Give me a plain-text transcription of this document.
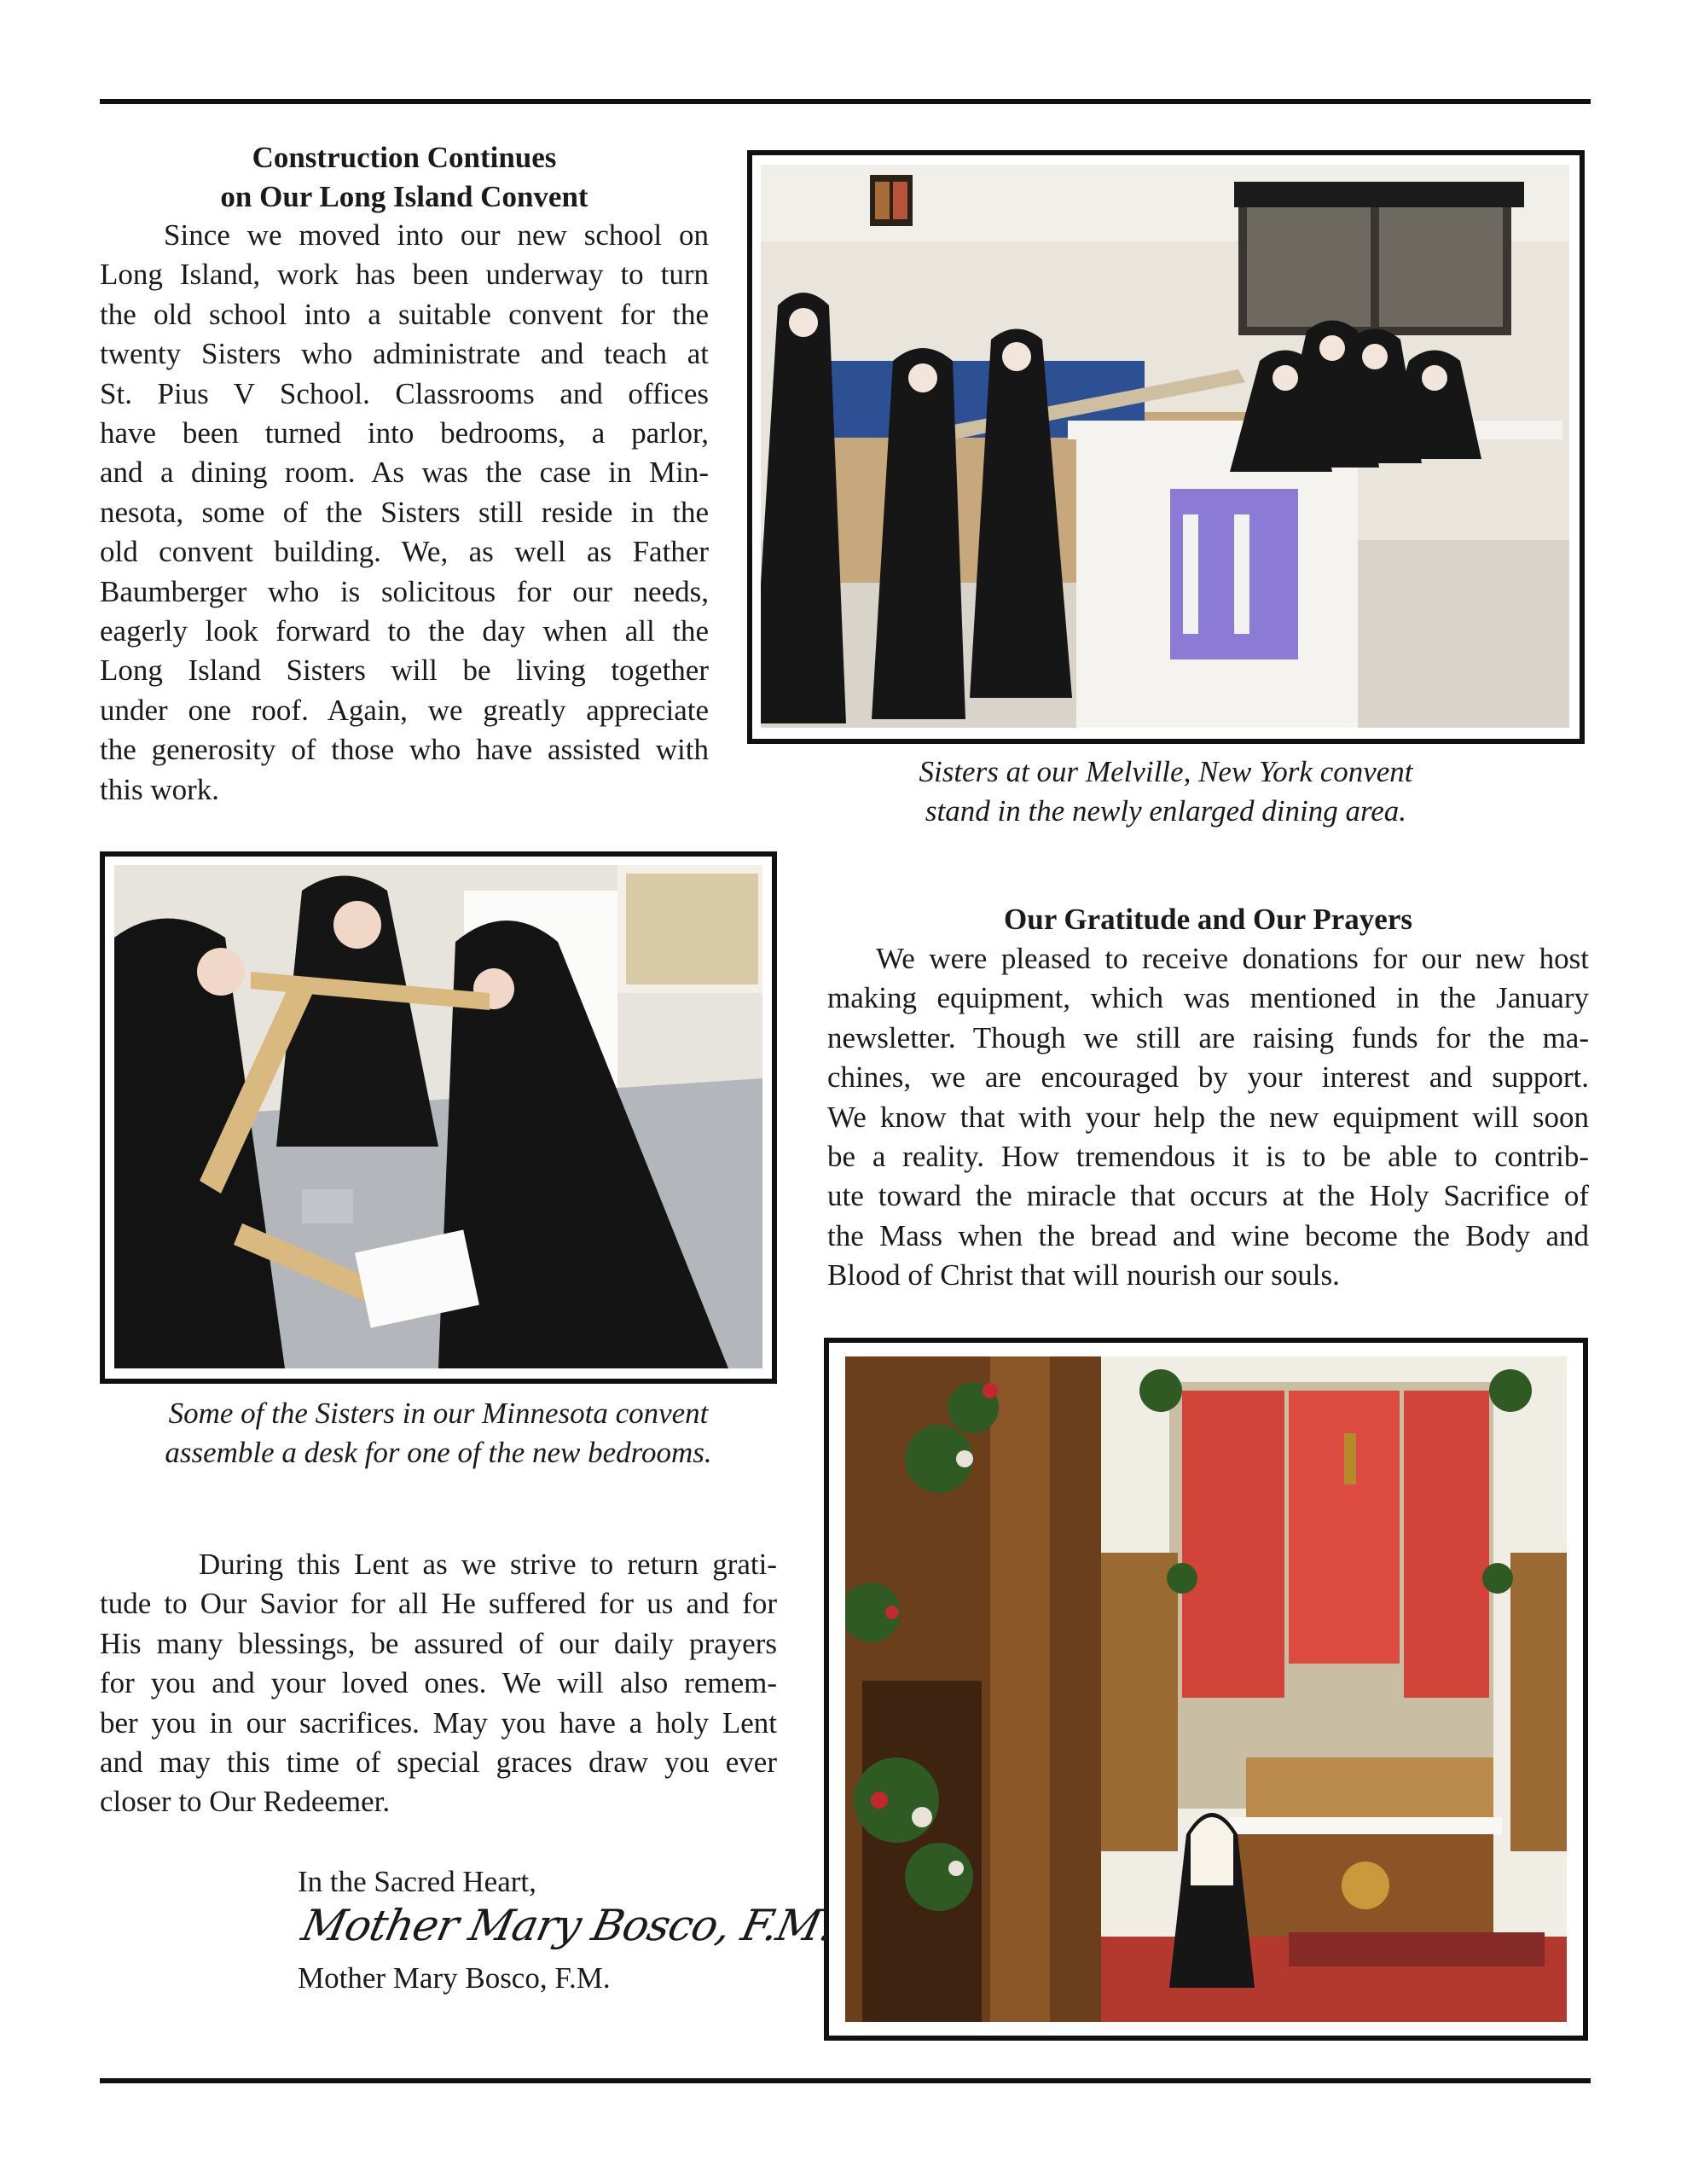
Construction Continues
on Our Long Island Convent
Since we moved into our new school on
Long Island, work has been underway to turn
the old school into a suitable convent for the
twenty Sisters who administrate and teach at
St. Pius V School. Classrooms and offices
have been turned into bedrooms, a parlor,
and a dining room. As was the case in Min-
nesota, some of the Sisters still reside in the
old convent building. We, as well as Father
Baumberger who is solicitous for our needs,
eagerly look forward to the day when all the
Long Island Sisters will be living together
under one roof. Again, we greatly appreciate
the generosity of those who have assisted with
this work.
Sisters at our Melville, New York convent
stand in the newly enlarged dining area.
Some of the Sisters in our Minnesota convent
assemble a desk for one of the new bedrooms.
Our Gratitude and Our Prayers
We were pleased to receive donations for our new host
making equipment, which was mentioned in the January
newsletter. Though we still are raising funds for the ma-
chines, we are encouraged by your interest and support.
We know that with your help the new equipment will soon
be a reality. How tremendous it is to be able to contrib-
ute toward the miracle that occurs at the Holy Sacrifice of
the Mass when the bread and wine become the Body and
Blood of Christ that will nourish our souls.
During this Lent as we strive to return grati-
tude to Our Savior for all He suffered for us and for
His many blessings, be assured of our daily prayers
for you and your loved ones. We will also remem-
ber you in our sacrifices. May you have a holy Lent
and may this time of special graces draw you ever
closer to Our Redeemer.
In the Sacred Heart,
Mother Mary Bosco, F.M.
Mother Mary Bosco, F.M.
